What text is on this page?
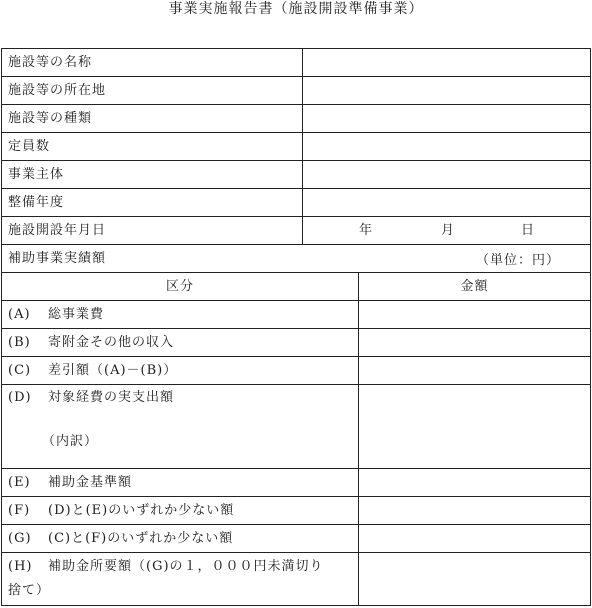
事業実施報告書（施設開設準備事業）
施設等の名称
施設等の所在地
施設等の種類
定員数
事業主体
整備年度
施設開設年月日	年	月	日
補助事業実績額	（単位：円）
区分	金額
(A)	総事業費
(B)	寄附金その他の収入
(C)	差引額（(A)－(B)）
(D) 対象経費の実支出額
（内訳）
(E)	補助金基準額
(F)	(D)と(E)のいずれか少ない額
(G)	(C)と(F)のいずれか少ない額
(H) 補助金所要額（(G)の１，０００円未満切り
捨て）
